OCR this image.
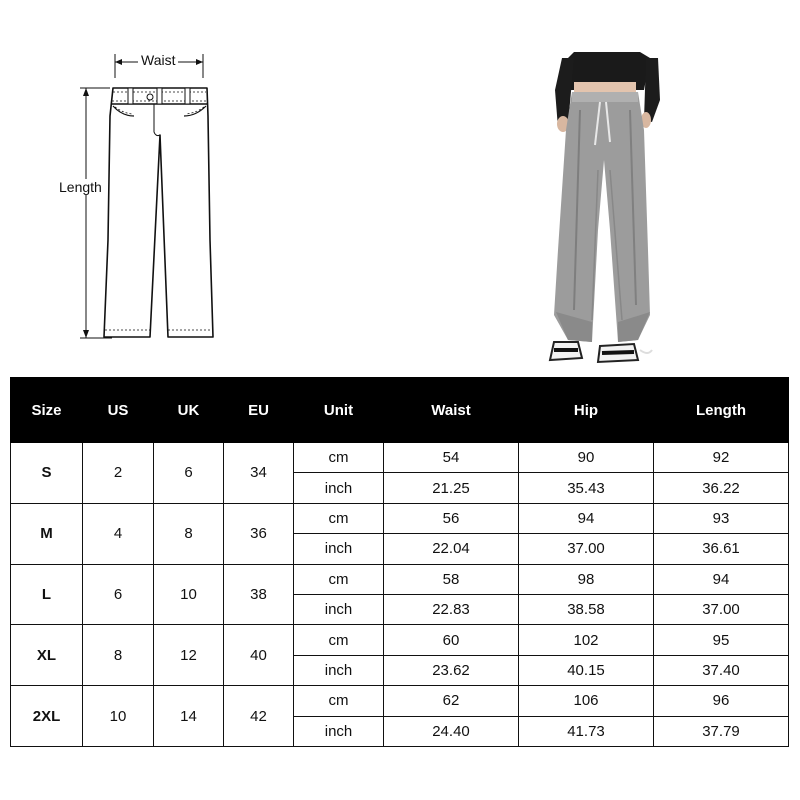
Waist
Length
Size	US	UK	EU	Unit	Waist	Hip	Length
S	2	6	34	cm	54	90	92
				inch	21.25	35.43	36.22
M	4	8	36	cm	56	94	93
				inch	22.04	37.00	36.61
L	6	10	38	cm	58	98	94
				inch	22.83	38.58	37.00
XL	8	12	40	cm	60	102	95
				inch	23.62	40.15	37.40
2XL	10	14	42	cm	62	106	96
				inch	24.40	41.73	37.79
